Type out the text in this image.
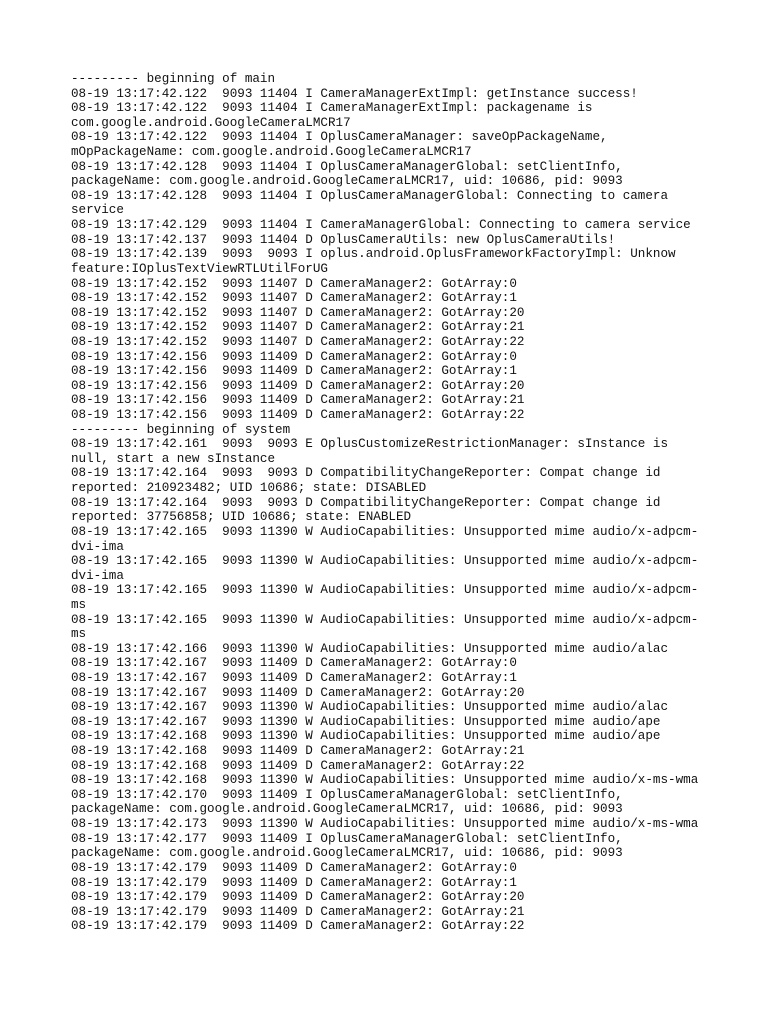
--------- beginning of main
08-19 13:17:42.122  9093 11404 I CameraManagerExtImpl: getInstance success!
08-19 13:17:42.122  9093 11404 I CameraManagerExtImpl: packagename is
com.google.android.GoogleCameraLMCR17
08-19 13:17:42.122  9093 11404 I OplusCameraManager: saveOpPackageName,
mOpPackageName: com.google.android.GoogleCameraLMCR17
08-19 13:17:42.128  9093 11404 I OplusCameraManagerGlobal: setClientInfo,
packageName: com.google.android.GoogleCameraLMCR17, uid: 10686, pid: 9093
08-19 13:17:42.128  9093 11404 I OplusCameraManagerGlobal: Connecting to camera
service
08-19 13:17:42.129  9093 11404 I CameraManagerGlobal: Connecting to camera service
08-19 13:17:42.137  9093 11404 D OplusCameraUtils: new OplusCameraUtils!
08-19 13:17:42.139  9093  9093 I oplus.android.OplusFrameworkFactoryImpl: Unknow
feature:IOplusTextViewRTLUtilForUG
08-19 13:17:42.152  9093 11407 D CameraManager2: GotArray:0
08-19 13:17:42.152  9093 11407 D CameraManager2: GotArray:1
08-19 13:17:42.152  9093 11407 D CameraManager2: GotArray:20
08-19 13:17:42.152  9093 11407 D CameraManager2: GotArray:21
08-19 13:17:42.152  9093 11407 D CameraManager2: GotArray:22
08-19 13:17:42.156  9093 11409 D CameraManager2: GotArray:0
08-19 13:17:42.156  9093 11409 D CameraManager2: GotArray:1
08-19 13:17:42.156  9093 11409 D CameraManager2: GotArray:20
08-19 13:17:42.156  9093 11409 D CameraManager2: GotArray:21
08-19 13:17:42.156  9093 11409 D CameraManager2: GotArray:22
--------- beginning of system
08-19 13:17:42.161  9093  9093 E OplusCustomizeRestrictionManager: sInstance is
null, start a new sInstance
08-19 13:17:42.164  9093  9093 D CompatibilityChangeReporter: Compat change id
reported: 210923482; UID 10686; state: DISABLED
08-19 13:17:42.164  9093  9093 D CompatibilityChangeReporter: Compat change id
reported: 37756858; UID 10686; state: ENABLED
08-19 13:17:42.165  9093 11390 W AudioCapabilities: Unsupported mime audio/x-adpcm-
dvi-ima
08-19 13:17:42.165  9093 11390 W AudioCapabilities: Unsupported mime audio/x-adpcm-
dvi-ima
08-19 13:17:42.165  9093 11390 W AudioCapabilities: Unsupported mime audio/x-adpcm-
ms
08-19 13:17:42.165  9093 11390 W AudioCapabilities: Unsupported mime audio/x-adpcm-
ms
08-19 13:17:42.166  9093 11390 W AudioCapabilities: Unsupported mime audio/alac
08-19 13:17:42.167  9093 11409 D CameraManager2: GotArray:0
08-19 13:17:42.167  9093 11409 D CameraManager2: GotArray:1
08-19 13:17:42.167  9093 11409 D CameraManager2: GotArray:20
08-19 13:17:42.167  9093 11390 W AudioCapabilities: Unsupported mime audio/alac
08-19 13:17:42.167  9093 11390 W AudioCapabilities: Unsupported mime audio/ape
08-19 13:17:42.168  9093 11390 W AudioCapabilities: Unsupported mime audio/ape
08-19 13:17:42.168  9093 11409 D CameraManager2: GotArray:21
08-19 13:17:42.168  9093 11409 D CameraManager2: GotArray:22
08-19 13:17:42.168  9093 11390 W AudioCapabilities: Unsupported mime audio/x-ms-wma
08-19 13:17:42.170  9093 11409 I OplusCameraManagerGlobal: setClientInfo,
packageName: com.google.android.GoogleCameraLMCR17, uid: 10686, pid: 9093
08-19 13:17:42.173  9093 11390 W AudioCapabilities: Unsupported mime audio/x-ms-wma
08-19 13:17:42.177  9093 11409 I OplusCameraManagerGlobal: setClientInfo,
packageName: com.google.android.GoogleCameraLMCR17, uid: 10686, pid: 9093
08-19 13:17:42.179  9093 11409 D CameraManager2: GotArray:0
08-19 13:17:42.179  9093 11409 D CameraManager2: GotArray:1
08-19 13:17:42.179  9093 11409 D CameraManager2: GotArray:20
08-19 13:17:42.179  9093 11409 D CameraManager2: GotArray:21
08-19 13:17:42.179  9093 11409 D CameraManager2: GotArray:22
